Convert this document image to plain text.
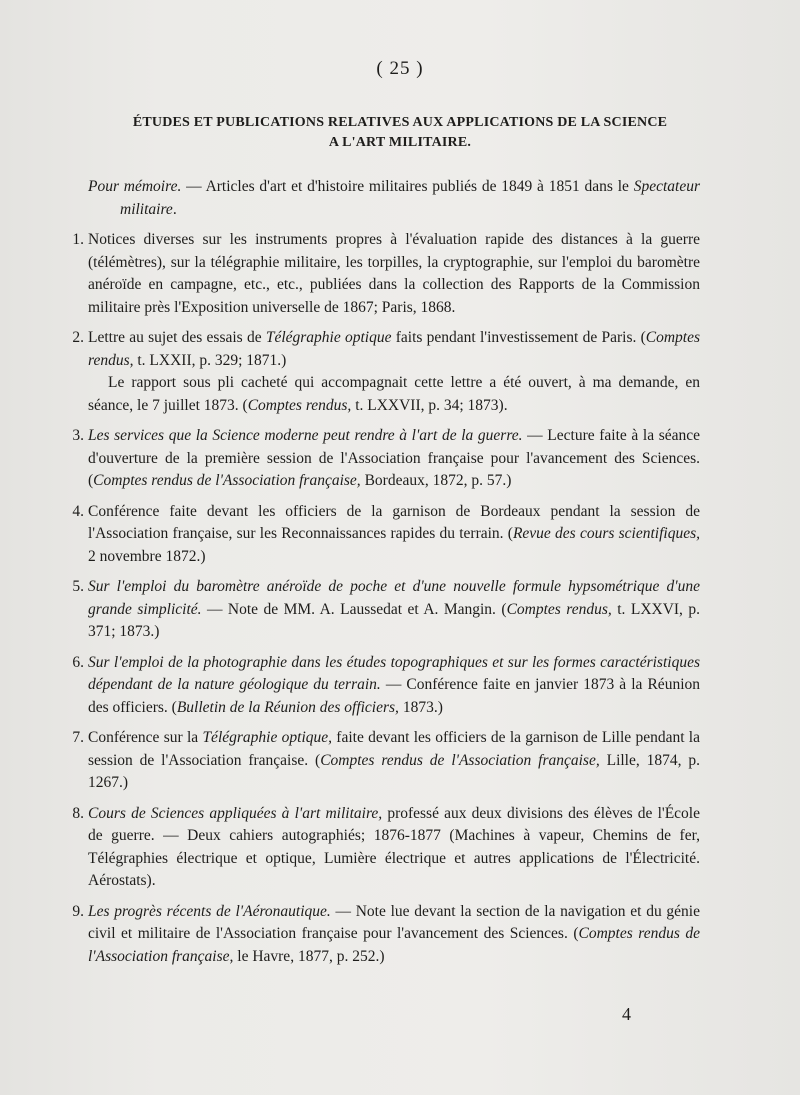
( 25 )
ÉTUDES ET PUBLICATIONS RELATIVES AUX APPLICATIONS DE LA SCIENCE
A L'ART MILITAIRE.
Pour mémoire. — Articles d'art et d'histoire militaires publiés de 1849 à 1851 dans le Spectateur militaire.
1. Notices diverses sur les instruments propres à l'évaluation rapide des distances à la guerre (télémètres), sur la télégraphie militaire, les torpilles, la cryptographie, sur l'emploi du baromètre anéroïde en campagne, etc., etc., publiées dans la collection des Rapports de la Commission militaire près l'Exposition universelle de 1867; Paris, 1868.
2. Lettre au sujet des essais de Télégraphie optique faits pendant l'investissement de Paris. (Comptes rendus, t. LXXII, p. 329; 1871.)
Le rapport sous pli cacheté qui accompagnait cette lettre a été ouvert, à ma demande, en séance, le 7 juillet 1873. (Comptes rendus, t. LXXVII, p. 34; 1873).
3. Les services que la Science moderne peut rendre à l'art de la guerre. — Lecture faite à la séance d'ouverture de la première session de l'Association française pour l'avancement des Sciences. (Comptes rendus de l'Association française, Bordeaux, 1872, p. 57.)
4. Conférence faite devant les officiers de la garnison de Bordeaux pendant la session de l'Association française, sur les Reconnaissances rapides du terrain. (Revue des cours scientifiques, 2 novembre 1872.)
5. Sur l'emploi du baromètre anéroïde de poche et d'une nouvelle formule hypsométrique d'une grande simplicité. — Note de MM. A. Laussedat et A. Mangin. (Comptes rendus, t. LXXVI, p. 371; 1873.)
6. Sur l'emploi de la photographie dans les études topographiques et sur les formes caractéristiques dépendant de la nature géologique du terrain. — Conférence faite en janvier 1873 à la Réunion des officiers. (Bulletin de la Réunion des officiers, 1873.)
7. Conférence sur la Télégraphie optique, faite devant les officiers de la garnison de Lille pendant la session de l'Association française. (Comptes rendus de l'Association française, Lille, 1874, p. 1267.)
8. Cours de Sciences appliquées à l'art militaire, professé aux deux divisions des élèves de l'École de guerre. — Deux cahiers autographiés; 1876-1877 (Machines à vapeur, Chemins de fer, Télégraphies électrique et optique, Lumière électrique et autres applications de l'Électricité. Aérostats).
9. Les progrès récents de l'Aéronautique. — Note lue devant la section de la navigation et du génie civil et militaire de l'Association française pour l'avancement des Sciences. (Comptes rendus de l'Association française, le Havre, 1877, p. 252.)
4
